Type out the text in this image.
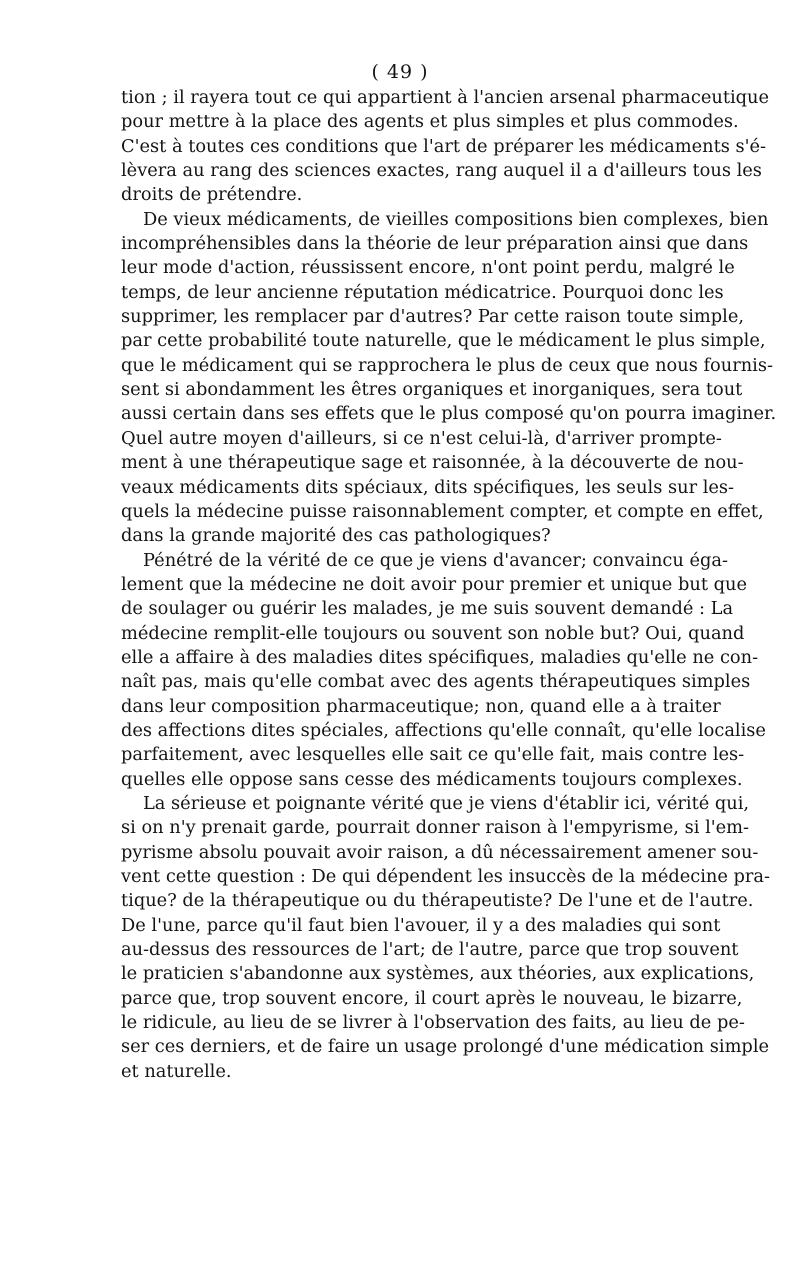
( 49 )
tion ; il rayera tout ce qui appartient à l'ancien arsenal pharmaceutique
pour mettre à la place des agents et plus simples et plus commodes.
C'est à toutes ces conditions que l'art de préparer les médicaments s'é-
lèvera au rang des sciences exactes, rang auquel il a d'ailleurs tous les
droits de prétendre.
De vieux médicaments, de vieilles compositions bien complexes, bien
incompréhensibles dans la théorie de leur préparation ainsi que dans
leur mode d'action, réussissent encore, n'ont point perdu, malgré le
temps, de leur ancienne réputation médicatrice. Pourquoi donc les
supprimer, les remplacer par d'autres? Par cette raison toute simple,
par cette probabilité toute naturelle, que le médicament le plus simple,
que le médicament qui se rapprochera le plus de ceux que nous fournis-
sent si abondamment les êtres organiques et inorganiques, sera tout
aussi certain dans ses effets que le plus composé qu'on pourra imaginer.
Quel autre moyen d'ailleurs, si ce n'est celui-là, d'arriver prompte-
ment à une thérapeutique sage et raisonnée, à la découverte de nou-
veaux médicaments dits spéciaux, dits spécifiques, les seuls sur les-
quels la médecine puisse raisonnablement compter, et compte en effet,
dans la grande majorité des cas pathologiques?
Pénétré de la vérité de ce que je viens d'avancer; convaincu éga-
lement que la médecine ne doit avoir pour premier et unique but que
de soulager ou guérir les malades, je me suis souvent demandé : La
médecine remplit-elle toujours ou souvent son noble but? Oui, quand
elle a affaire à des maladies dites spécifiques, maladies qu'elle ne con-
naît pas, mais qu'elle combat avec des agents thérapeutiques simples
dans leur composition pharmaceutique; non, quand elle a à traiter
des affections dites spéciales, affections qu'elle connaît, qu'elle localise
parfaitement, avec lesquelles elle sait ce qu'elle fait, mais contre les-
quelles elle oppose sans cesse des médicaments toujours complexes.
La sérieuse et poignante vérité que je viens d'établir ici, vérité qui,
si on n'y prenait garde, pourrait donner raison à l'empyrisme, si l'em-
pyrisme absolu pouvait avoir raison, a dû nécessairement amener sou-
vent cette question : De qui dépendent les insuccès de la médecine pra-
tique? de la thérapeutique ou du thérapeutiste? De l'une et de l'autre.
De l'une, parce qu'il faut bien l'avouer, il y a des maladies qui sont
au-dessus des ressources de l'art; de l'autre, parce que trop souvent
le praticien s'abandonne aux systèmes, aux théories, aux explications,
parce que, trop souvent encore, il court après le nouveau, le bizarre,
le ridicule, au lieu de se livrer à l'observation des faits, au lieu de pe-
ser ces derniers, et de faire un usage prolongé d'une médication simple
et naturelle.
